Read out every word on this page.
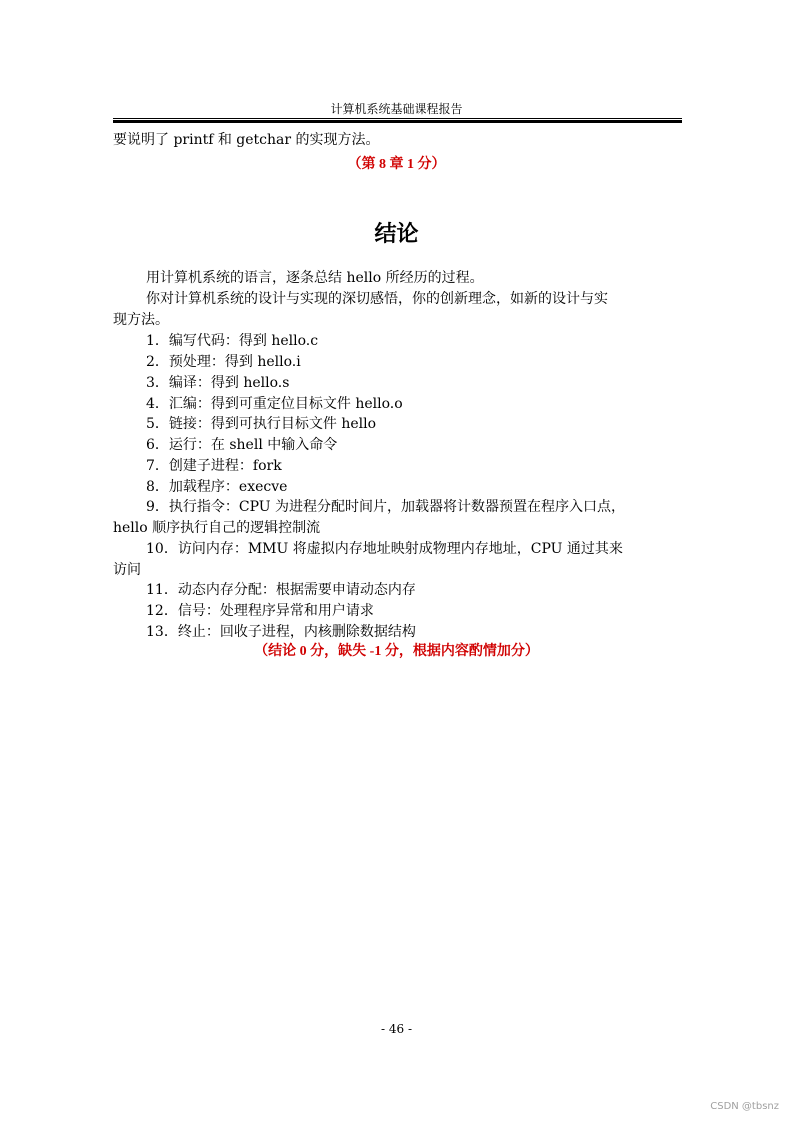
计算机系统基础课程报告
要说明了 printf 和 getchar 的实现方法。
（第 8 章 1 分）
结论
用计算机系统的语言，逐条总结 hello 所经历的过程。
你对计算机系统的设计与实现的深切感悟，你的创新理念，如新的设计与实
现方法。
1．编写代码：得到 hello.c
2．预处理：得到 hello.i
3．编译：得到 hello.s
4．汇编：得到可重定位目标文件 hello.o
5．链接：得到可执行目标文件 hello
6．运行：在 shell 中输入命令
7．创建子进程：fork
8．加载程序：execve
9．执行指令：CPU 为进程分配时间片，加载器将计数器预置在程序入口点，
hello 顺序执行自己的逻辑控制流
10．访问内存：MMU 将虚拟内存地址映射成物理内存地址，CPU 通过其来
访问
11．动态内存分配：根据需要申请动态内存
12．信号：处理程序异常和用户请求
13．终止：回收子进程，内核删除数据结构
（结论 0 分，缺失 -1 分，根据内容酌情加分）
- 46 -
CSDN @tbsnz
